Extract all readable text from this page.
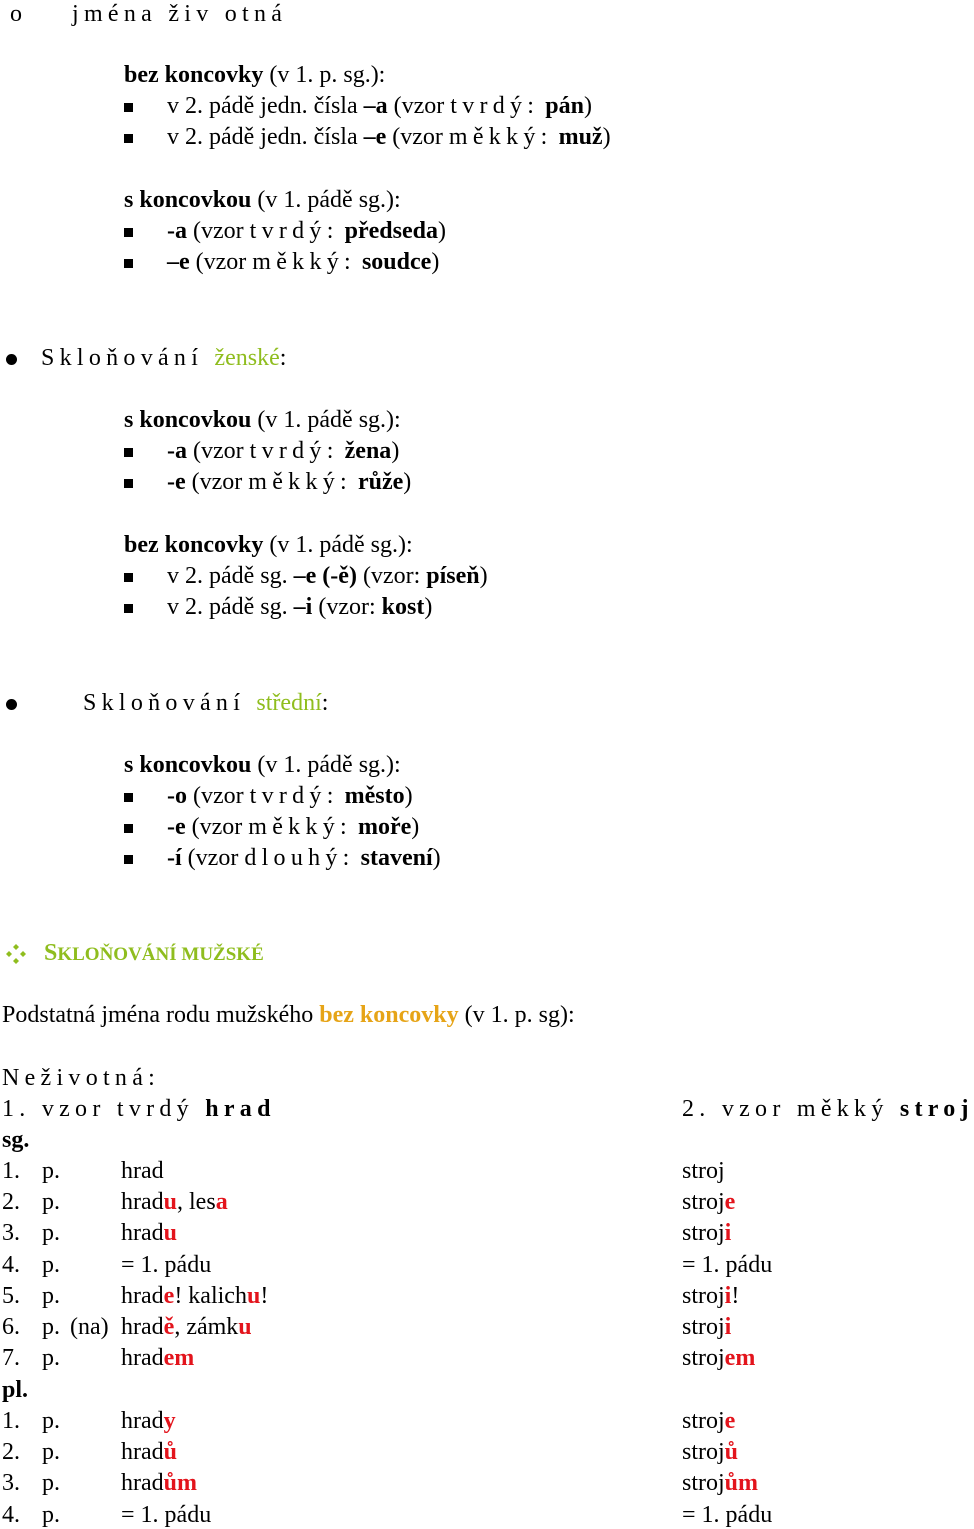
o jména živ otná
bez koncovky (v 1. p. sg.):
v 2. pádě jedn. čísla –a (vzor tvrdý: pán)
v 2. pádě jedn. čísla –e (vzor měkký: muž)
s koncovkou (v 1. pádě sg.):
-a (vzor tvrdý: předseda)
–e (vzor měkký: soudce)
Skloňování ženské:
s koncovkou (v 1. pádě sg.):
-a (vzor tvrdý: žena)
-e (vzor měkký: růže)
bez koncovky (v 1. pádě sg.):
v 2. pádě sg. –e (-ě) (vzor: píseň)
v 2. pádě sg. –i (vzor: kost)
Skloňování střední:
s koncovkou (v 1. pádě sg.):
-o (vzor tvrdý: město)
-e (vzor měkký: moře)
-í (vzor dlouhý: stavení)
SKLOŇOVÁNÍ MUŽSKÉ
Podstatná jména rodu mužského bez koncovky (v 1. p. sg):
Neživotná:
1. vzor tvrdý hrad	2. vzor měkký stroj
sg.
1. p.	hrad	stroj
2. p.	hradu, lesa	stroje
3. p.	hradu	stroji
4. p.	= 1. pádu	= 1. pádu
5. p.	hrade! kalichu!	stroji!
6. p. (na) hradě, zámku	stroji
7. p.	hradem	strojem
pl.
1. p.	hrady	stroje
2. p.	hradů	strojů
3. p.	hradům	strojům
4. p.	= 1. pádu	= 1. pádu
